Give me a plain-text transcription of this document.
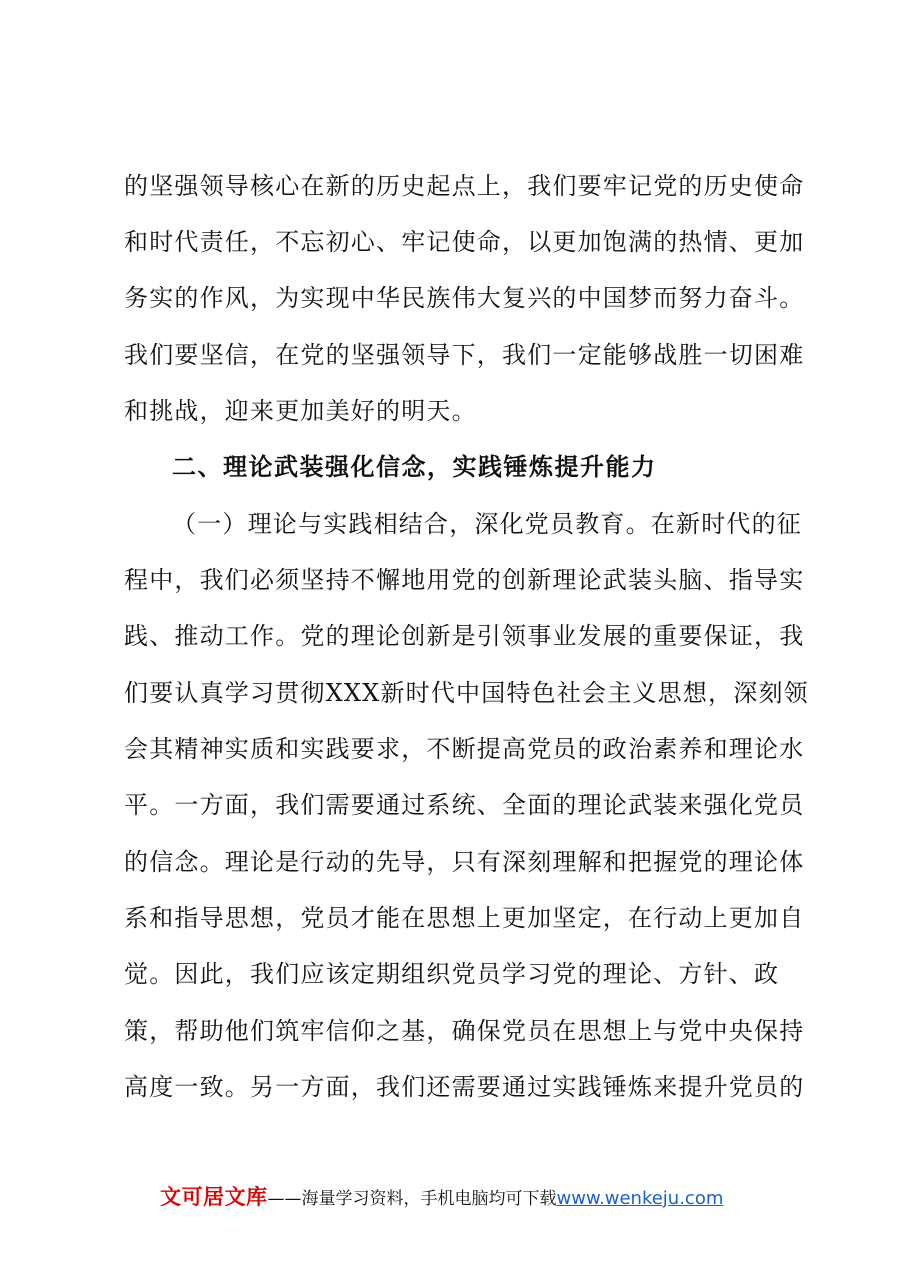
的坚强领导核心在新的历史起点上，我们要牢记党的历史使命
和时代责任，不忘初心、牢记使命，以更加饱满的热情、更加
务实的作风，为实现中华民族伟大复兴的中国梦而努力奋斗。
我们要坚信，在党的坚强领导下，我们一定能够战胜一切困难
和挑战，迎来更加美好的明天。
二、理论武装强化信念，实践锤炼提升能力
（一）理论与实践相结合，深化党员教育。在新时代的征
程中，我们必须坚持不懈地用党的创新理论武装头脑、指导实
践、推动工作。党的理论创新是引领事业发展的重要保证，我
们要认真学习贯彻XXX新时代中国特色社会主义思想，深刻领
会其精神实质和实践要求，不断提高党员的政治素养和理论水
平。一方面，我们需要通过系统、全面的理论武装来强化党员
的信念。理论是行动的先导，只有深刻理解和把握党的理论体
系和指导思想，党员才能在思想上更加坚定，在行动上更加自
觉。因此，我们应该定期组织党员学习党的理论、方针、政
策，帮助他们筑牢信仰之基，确保党员在思想上与党中央保持
高度一致。另一方面，我们还需要通过实践锤炼来提升党员的
文可居文库——海量学习资料，手机电脑均可下载www.wenkeju.com
